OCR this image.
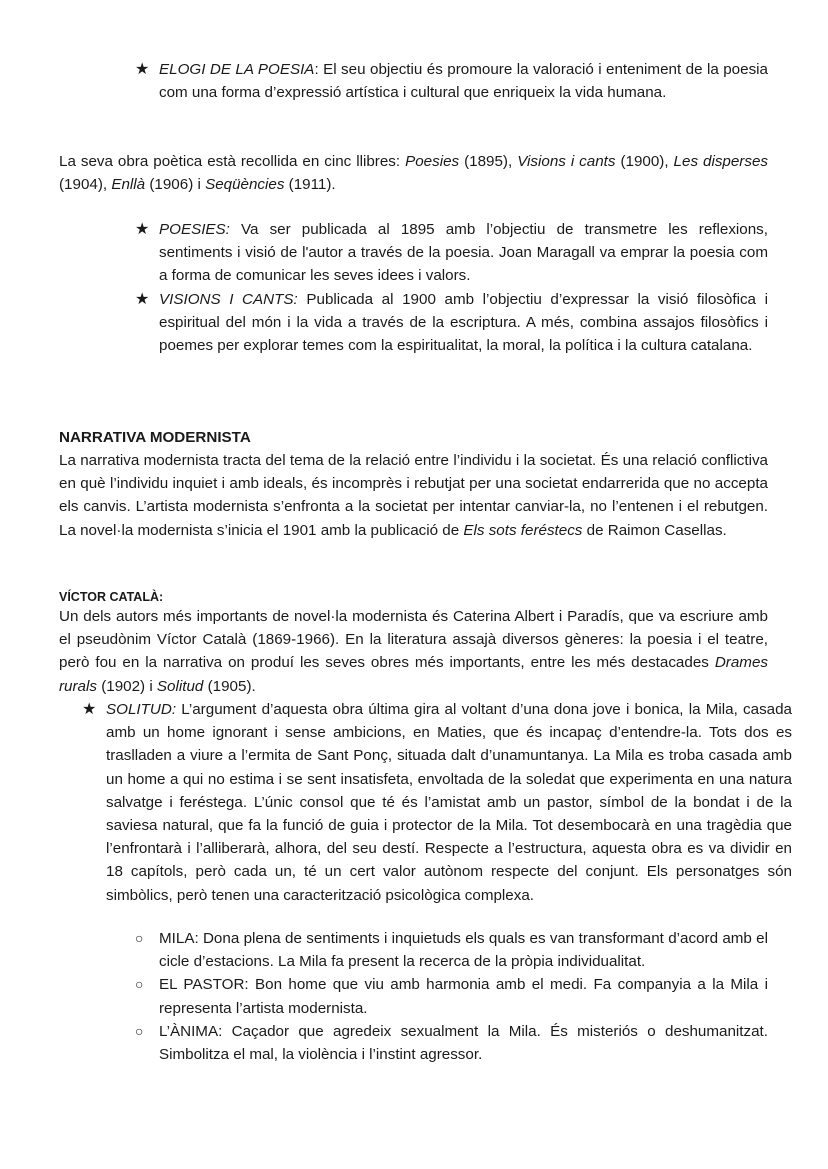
★ ELOGI DE LA POESIA: El seu objectiu és promoure la valoració i enteniment de la poesia com una forma d’expressió artística i cultural que enriqueix la vida humana.
La seva obra poètica està recollida en cinc llibres: Poesies (1895), Visions i cants (1900), Les disperses (1904), Enllà (1906) i Seqüències (1911).
★ POESIES: Va ser publicada al 1895 amb l’objectiu de transmetre les reflexions, sentiments i visió de l'autor a través de la poesia. Joan Maragall va emprar la poesia com a forma de comunicar les seves idees i valors.
★ VISIONS I CANTS: Publicada al 1900 amb l’objectiu d’expressar la visió filosòfica i espiritual del món i la vida a través de la escriptura. A més, combina assajos filosòfics i poemes per explorar temes com la espiritualitat, la moral, la política i la cultura catalana.
NARRATIVA MODERNISTA
La narrativa modernista tracta del tema de la relació entre l’individu i la societat. És una relació conflictiva en què l’individu inquiet i amb ideals, és incomprès i rebutjat per una societat endarrerida que no accepta els canvis. L’artista modernista s’enfronta a la societat per intentar canviar-la, no l’entenen i el rebutgen. La novel·la modernista s’inicia el 1901 amb la publicació de Els sots feréstecs de Raimon Casellas.
VÍCTOR CATALÀ:
Un dels autors més importants de novel·la modernista és Caterina Albert i Paradís, que va escriure amb el pseudònim Víctor Català (1869-1966). En la literatura assajà diversos gèneres: la poesia i el teatre, però fou en la narrativa on produí les seves obres més importants, entre les més destacades Drames rurals (1902) i Solitud (1905).
★ SOLITUD: L’argument d’aquesta obra última gira al voltant d’una dona jove i bonica, la Mila, casada amb un home ignorant i sense ambicions, en Maties, que és incapaç d’entendre-la. Tots dos es traslladen a viure a l’ermita de Sant Ponç, situada dalt d’unamuntanya. La Mila es troba casada amb un home a qui no estima i se sent insatisfeta, envoltada de la soledat que experimenta en una natura salvatge i feréstega. L’únic consol que té és l’amistat amb un pastor, símbol de la bondat i de la saviesa natural, que fa la funció de guia i protector de la Mila. Tot desembocarà en una tragèdia que l’enfrontarà i l’alliberarà, alhora, del seu destí. Respecte a l’estructura, aquesta obra es va dividir en 18 capítols, però cada un, té un cert valor autònom respecte del conjunt. Els personatges són simbòlics, però tenen una caracterització psicològica complexa.
○ MILA: Dona plena de sentiments i inquietuds els quals es van transformant d’acord amb el cicle d’estacions. La Mila fa present la recerca de la pròpia individualitat.
○ EL PASTOR: Bon home que viu amb harmonia amb el medi. Fa companyia a la Mila i representa l’artista modernista.
○ L’ÀNIMA: Caçador que agredeix sexualment la Mila. És misteriós o deshumanitzat. Simbolitza el mal, la violència i l’instint agressor.
